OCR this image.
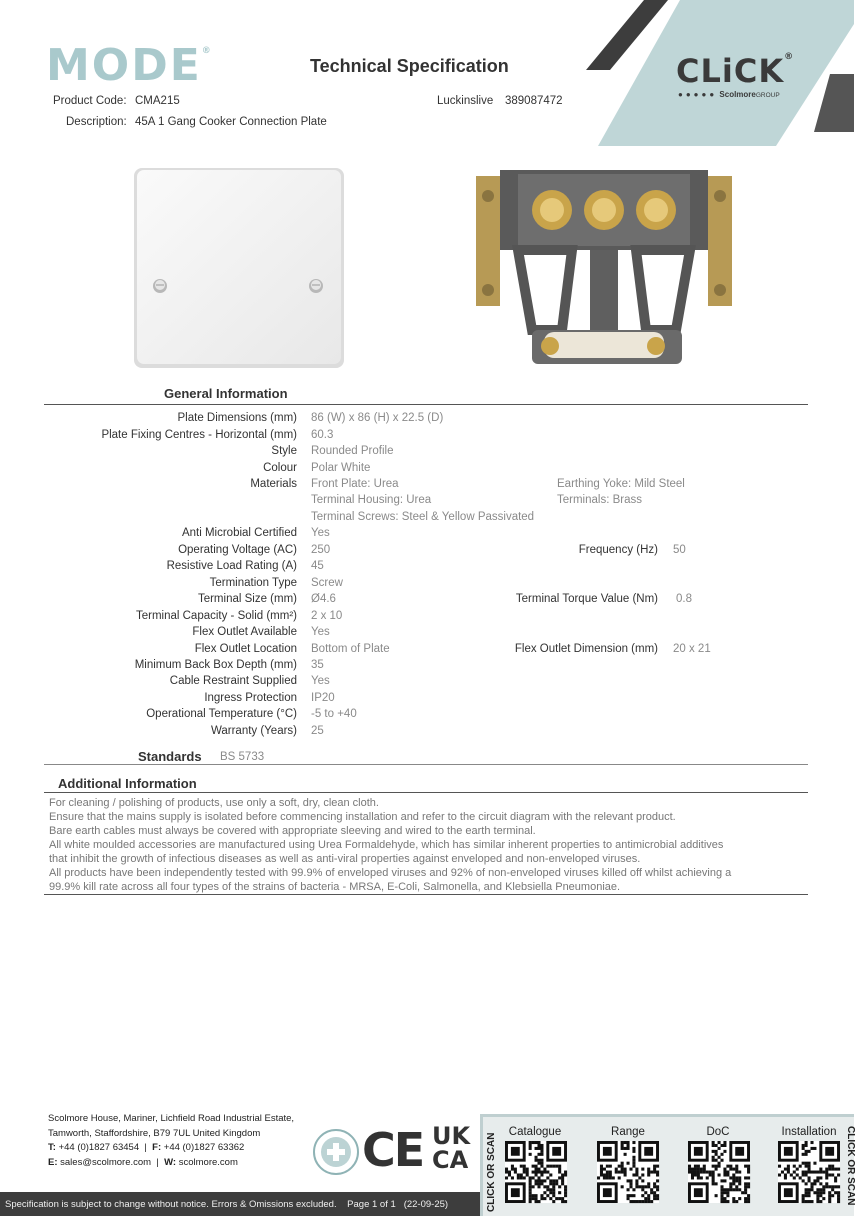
MODE®
Technical Specification
Product Code: CMA215	Luckinslive 389087472
Description: 45A 1 Gang Cooker Connection Plate
CLiCK®
●●●●● ScolmoreGROUP
General Information
Plate Dimensions (mm) 86 (W) x 86 (H) x 22.5 (D)
Plate Fixing Centres - Horizontal (mm) 60.3
Style Rounded Profile
Colour Polar White
Materials Front Plate: Urea	Earthing Yoke: Mild Steel
Terminal Housing: Urea	Terminals: Brass
Terminal Screws: Steel & Yellow Passivated
Anti Microbial Certified Yes
Operating Voltage (AC) 250	Frequency (Hz) 50
Resistive Load Rating (A) 45
Termination Type Screw
Terminal Size (mm) Ø4.6	Terminal Torque Value (Nm) 0.8
Terminal Capacity - Solid (mm²) 2 x 10
Flex Outlet Available Yes
Flex Outlet Location Bottom of Plate	Flex Outlet Dimension (mm) 20 x 21
Minimum Back Box Depth (mm) 35
Cable Restraint Supplied Yes
Ingress Protection IP20
Operational Temperature (°C) -5 to +40
Warranty (Years) 25
Standards BS 5733
Additional Information
For cleaning / polishing of products, use only a soft, dry, clean cloth.
Ensure that the mains supply is isolated before commencing installation and refer to the circuit diagram with the relevant product.
Bare earth cables must always be covered with appropriate sleeving and wired to the earth terminal.
All white moulded accessories are manufactured using Urea Formaldehyde, which has similar inherent properties to antimicrobial additives
that inhibit the growth of infectious diseases as well as anti-viral properties against enveloped and non-enveloped viruses.
All products have been independently tested with 99.9% of enveloped viruses and 92% of non-enveloped viruses killed off whilst achieving a
99.9% kill rate across all four types of the strains of bacteria - MRSA, E-Coli, Salmonella, and Klebsiella Pneumoniae.
Scolmore House, Mariner, Lichfield Road Industrial Estate,
Tamworth, Staffordshire, B79 7UL United Kingdom
T: +44 (0)1827 63454  |  F: +44 (0)1827 63362
E: sales@scolmore.com  |  W: scolmore.com	CE UK
CA
Specification is subject to change without notice. Errors & Omissions excluded. Page 1 of 1 (22-09-25)	CLICK OR SCAN	CLICK OR SCAN
Catalogue	Range	DoC	Installation
